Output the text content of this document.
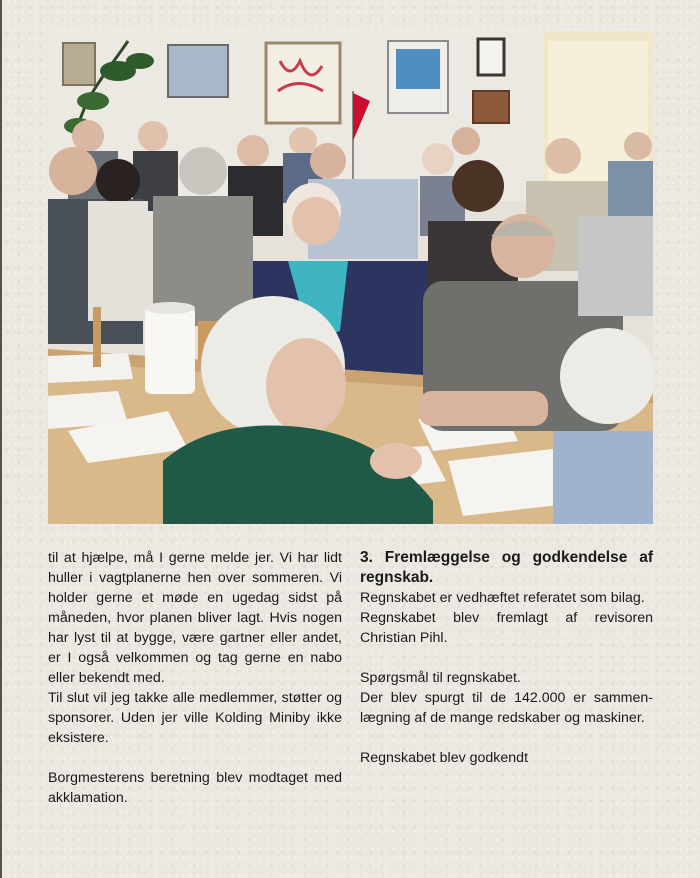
til at hjælpe, må I gerne melde jer. Vi har lidt huller i vagtplanerne hen over sommeren. Vi holder gerne et møde en ugedag sidst på måneden, hvor planen bliver lagt. Hvis nogen har lyst til at bygge, være gartner eller andet, er I også velkommen og tag gerne en nabo eller bekendt med.

Til slut vil jeg takke alle medlemmer, støtter og sponsorer. Uden jer ville Kolding Miniby ikke eksistere.

Borgmesterens beretning blev modtaget med akklamation.

3. Fremlæggelse og godkendelse af regnskab.

Regnskabet er vedhæftet referatet som bilag.

Regnskabet blev fremlagt af revisoren Christian Pihl.

Spørgsmål til regnskabet.

Der blev spurgt til de 142.000 er sammen-lægning af de mange redskaber og maskiner.

Regnskabet blev godkendt
